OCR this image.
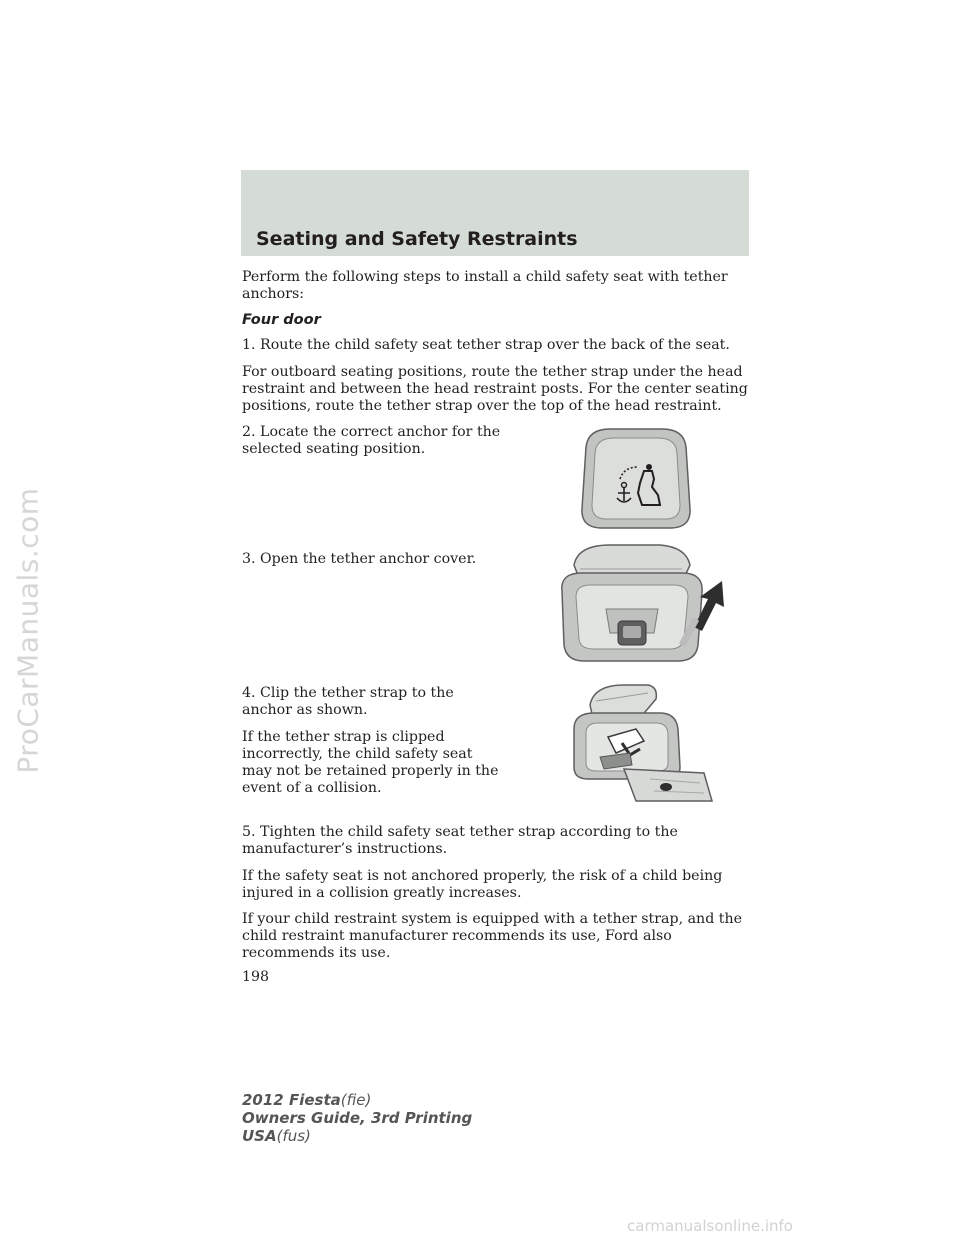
ProCarManuals.com
Seating and Safety Restraints

Perform the following steps to install a child safety seat with tether anchors:

Four door

1. Route the child safety seat tether strap over the back of the seat.

For outboard seating positions, route the tether strap under the head restraint and between the head restraint posts. For the center seating positions, route the tether strap over the top of the head restraint.

2. Locate the correct anchor for the selected seating position.

3. Open the tether anchor cover.

4. Clip the tether strap to the anchor as shown.

If the tether strap is clipped incorrectly, the child safety seat may not be retained properly in the event of a collision.

5. Tighten the child safety seat tether strap according to the manufacturer’s instructions.

If the safety seat is not anchored properly, the risk of a child being injured in a collision greatly increases.

If your child restraint system is equipped with a tether strap, and the child restraint manufacturer recommends its use, Ford also recommends its use.

198

2012 Fiesta(fie)
Owners Guide, 3rd Printing
USA(fus)
carmanualsonline.info
